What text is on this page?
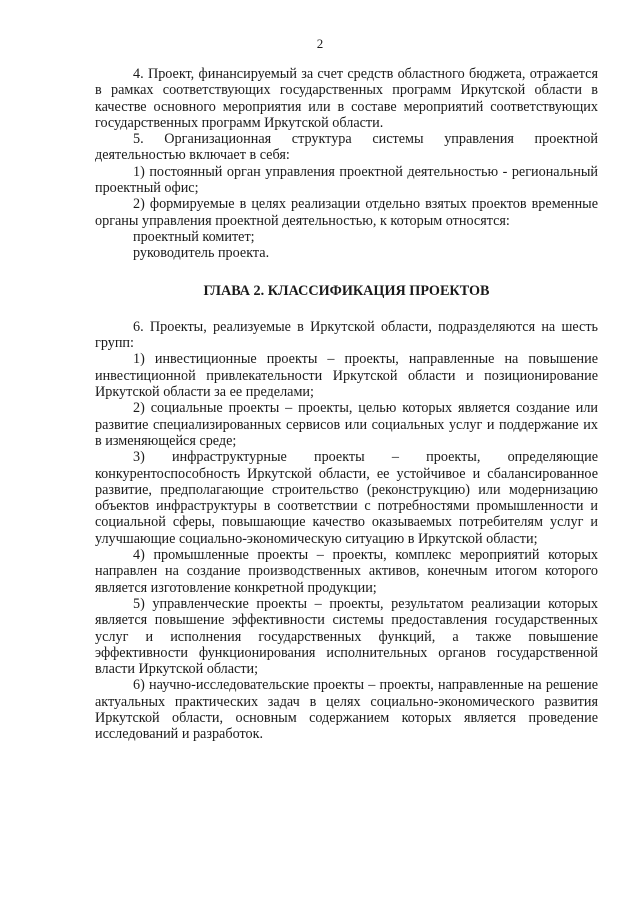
2

4. Проект, финансируемый за счет средств областного бюджета, отражается в рамках соответствующих государственных программ Иркутской области в качестве основного мероприятия или в составе мероприятий соответствующих государственных программ Иркутской области.

5. Организационная структура системы управления проектной деятельностью включает в себя:

1) постоянный орган управления проектной деятельностью - региональный проектный офис;

2) формируемые в целях реализации отдельно взятых проектов временные органы управления проектной деятельностью, к которым относятся:

проектный комитет;

руководитель проекта.

ГЛАВА 2. КЛАССИФИКАЦИЯ ПРОЕКТОВ

6. Проекты, реализуемые в Иркутской области, подразделяются на шесть групп:

1) инвестиционные проекты – проекты, направленные на повышение инвестиционной привлекательности Иркутской области и позиционирование Иркутской области за ее пределами;

2) социальные проекты – проекты, целью которых является создание или развитие специализированных сервисов или социальных услуг и поддержание их в изменяющейся среде;

3) инфраструктурные проекты – проекты, определяющие конкурентоспособность Иркутской области, ее устойчивое и сбалансированное развитие, предполагающие строительство (реконструкцию) или модернизацию объектов инфраструктуры в соответствии с потребностями промышленности и социальной сферы, повышающие качество оказываемых потребителям услуг и улучшающие социально-экономическую ситуацию в Иркутской области;

4) промышленные проекты – проекты, комплекс мероприятий которых направлен на создание производственных активов, конечным итогом которого является изготовление конкретной продукции;

5) управленческие проекты – проекты, результатом реализации которых является повышение эффективности системы предоставления государственных услуг и исполнения государственных функций, а также повышение эффективности функционирования исполнительных органов государственной власти Иркутской области;

6) научно-исследовательские проекты – проекты, направленные на решение актуальных практических задач в целях социально-экономического развития Иркутской области, основным содержанием которых является проведение исследований и разработок.
